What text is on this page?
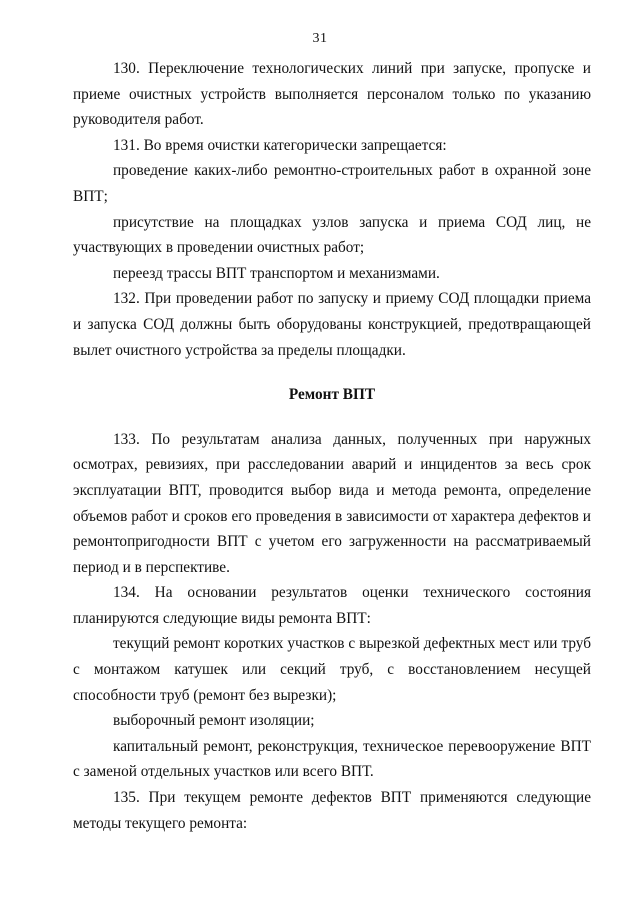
31

130. Переключение технологических линий при запуске, пропуске и приеме очистных устройств выполняется персоналом только по указанию руководителя работ.

131. Во время очистки категорически запрещается:

проведение каких-либо ремонтно-строительных работ в охранной зоне ВПТ;

присутствие на площадках узлов запуска и приема СОД лиц, не участвующих в проведении очистных работ;

переезд трассы ВПТ транспортом и механизмами.

132. При проведении работ по запуску и приему СОД площадки приема и запуска СОД должны быть оборудованы конструкцией, предотвращающей вылет очистного устройства за пределы площадки.

Ремонт ВПТ

133. По результатам анализа данных, полученных при наружных осмотрах, ревизиях, при расследовании аварий и инцидентов за весь срок эксплуатации ВПТ, проводится выбор вида и метода ремонта, определение объемов работ и сроков его проведения в зависимости от характера дефектов и ремонтопригодности ВПТ с учетом его загруженности на рассматриваемый период и в перспективе.

134. На основании результатов оценки технического состояния планируются следующие виды ремонта ВПТ:

текущий ремонт коротких участков с вырезкой дефектных мест или труб с монтажом катушек или секций труб, с восстановлением несущей способности труб (ремонт без вырезки);

выборочный ремонт изоляции;

капитальный ремонт, реконструкция, техническое перевооружение ВПТ с заменой отдельных участков или всего ВПТ.

135. При текущем ремонте дефектов ВПТ применяются следующие методы текущего ремонта:
